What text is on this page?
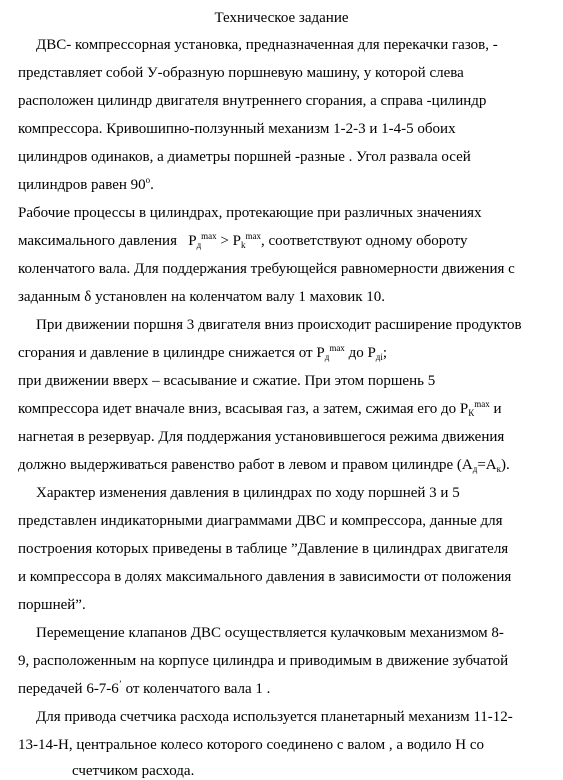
Техническое задание
ДВС- компрессорная установка, предназначенная для перекачки газов, -
представляет собой У-образную поршневую машину, у которой слева
расположен цилиндр двигателя внутреннего сгорания, а справа -цилиндр
компрессора. Кривошипно-ползунный механизм 1-2-3 и 1-4-5 обоих
цилиндров одинаков, а диаметры поршней -разные . Угол развала осей
цилиндров равен $90^о$.
Рабочие процессы в цилиндрах, протекающие при различных значениях
максимального давления $P_д^{max} > P_k^{max}$, соответствуют одному обороту
коленчатого вала. Для поддержания требующейся равномерности движения с
заданным δ установлен на коленчатом валу 1 маховик 10.
При движении поршня 3 двигателя вниз происходит расширение продуктов
сгорания и давление в цилиндре снижается от $P_д^{max}$ до $P_{дi}$;
при движении вверх – всасывание и сжатие. При этом поршень 5
компрессора идет вначале вниз, всасывая газ, а затем, сжимая его до $P_К^{max}$ и
нагнетая в резервуар. Для поддержания установившегося режима движения
должно выдерживаться равенство работ в левом и правом цилиндре $(А_д=А_к)$.
Характер изменения давления в цилиндрах по ходу поршней 3 и 5
представлен индикаторными диаграммами ДВС и компрессора, данные для
построения которых приведены в таблице ”Давление в цилиндрах двигателя
и компрессора в долях максимального давления в зависимости от положения
поршней”.
Перемещение клапанов ДВС осуществляется кулачковым механизмом 8-
9, расположенным на корпусе цилиндра и приводимым в движение зубчатой
передачей 6-7-6’ от коленчатого вала 1 .
Для привода счетчика расхода используется планетарный механизм 11-12-
13-14-Н, центральное колесо которого соединено с валом , а водило Н со
счетчиком расхода.
